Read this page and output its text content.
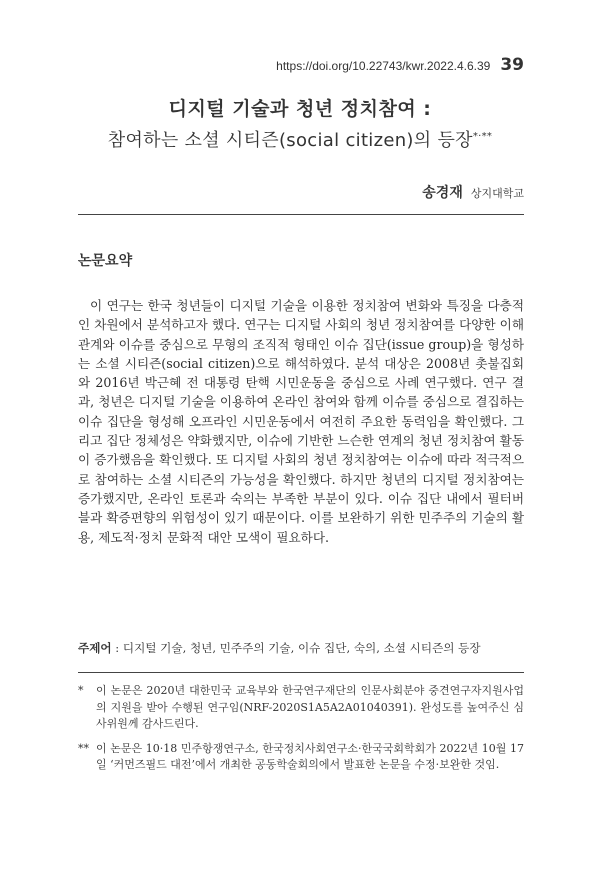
https://doi.org/10.22743/kwr.2022.4.6.39 39
디지털 기술과 청년 정치참여 :
참여하는 소셜 시티즌(social citizen)의 등장*·**
송경재 상지대학교
논문요약

이 연구는 한국 청년들이 디지털 기술을 이용한 정치참여 변화와 특징을 다층적인 차원에서 분석하고자 했다. 연구는 디지털 사회의 청년 정치참여를 다양한 이해관계와 이슈를 중심으로 무형의 조직적 형태인 이슈 집단(issue group)을 형성하는 소셜 시티즌(social citizen)으로 해석하였다. 분석 대상은 2008년 촛불집회와 2016년 박근혜 전 대통령 탄핵 시민운동을 중심으로 사례 연구했다. 연구 결과, 청년은 디지털 기술을 이용하여 온라인 참여와 함께 이슈를 중심으로 결집하는 이슈 집단을 형성해 오프라인 시민운동에서 여전히 주요한 동력임을 확인했다. 그리고 집단 정체성은 약화했지만, 이슈에 기반한 느슨한 연계의 청년 정치참여 활동이 증가했음을 확인했다. 또 디지털 사회의 청년 정치참여는 이슈에 따라 적극적으로 참여하는 소셜 시티즌의 가능성을 확인했다. 하지만 청년의 디지털 정치참여는 증가했지만, 온라인 토론과 숙의는 부족한 부분이 있다. 이슈 집단 내에서 필터버블과 확증편향의 위험성이 있기 때문이다. 이를 보완하기 위한 민주주의 기술의 활용, 제도적·정치 문화적 대안 모색이 필요하다.

주제어 : 디지털 기술, 청년, 민주주의 기술, 이슈 집단, 숙의, 소셜 시티즌의 등장

*	이 논문은 2020년 대한민국 교육부와 한국연구재단의 인문사회분야 중견연구자지원사업의 지원을 받아 수행된 연구임(NRF-2020S1A5A2A01040391). 완성도를 높여주신 심사위원께 감사드린다.
** 이 논문은 10·18 민주항쟁연구소, 한국정치사회연구소·한국국회학회가 2022년 10월 17일 ‘커먼즈필드 대전’에서 개최한 공동학술회의에서 발표한 논문을 수정·보완한 것임.
